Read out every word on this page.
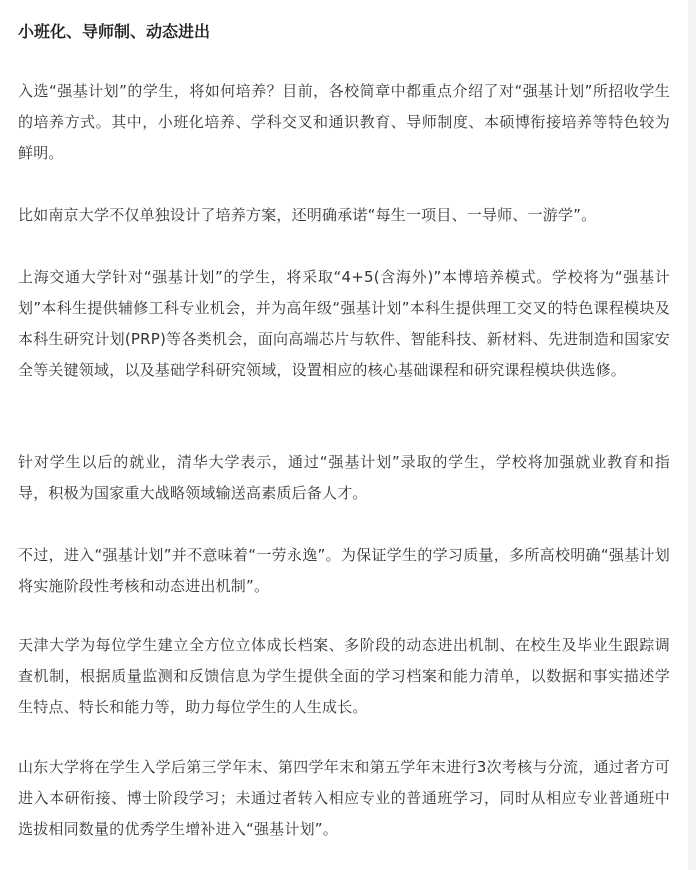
小班化、导师制、动态进出

入选“强基计划”的学生，将如何培养？目前，各校简章中都重点介绍了对“强基计划”所招收学生的培养方式。其中，小班化培养、学科交叉和通识教育、导师制度、本硕博衔接培养等特色较为鲜明。

比如南京大学不仅单独设计了培养方案，还明确承诺“每生一项目、一导师、一游学”。

上海交通大学针对“强基计划”的学生，将采取“4+5(含海外)”本博培养模式。学校将为“强基计划”本科生提供辅修工科专业机会，并为高年级“强基计划”本科生提供理工交叉的特色课程模块及本科生研究计划(PRP)等各类机会，面向高端芯片与软件、智能科技、新材料、先进制造和国家安全等关键领域，以及基础学科研究领域，设置相应的核心基础课程和研究课程模块供选修。

针对学生以后的就业，清华大学表示，通过“强基计划”录取的学生，学校将加强就业教育和指导，积极为国家重大战略领域输送高素质后备人才。

不过，进入“强基计划”并不意味着“一劳永逸”。为保证学生的学习质量，多所高校明确“强基计划将实施阶段性考核和动态进出机制”。

天津大学为每位学生建立全方位立体成长档案、多阶段的动态进出机制、在校生及毕业生跟踪调查机制，根据质量监测和反馈信息为学生提供全面的学习档案和能力清单，以数据和事实描述学生特点、特长和能力等，助力每位学生的人生成长。

山东大学将在学生入学后第三学年末、第四学年末和第五学年末进行3次考核与分流，通过者方可进入本研衔接、博士阶段学习；未通过者转入相应专业的普通班学习，同时从相应专业普通班中选拔相同数量的优秀学生增补进入“强基计划”。
